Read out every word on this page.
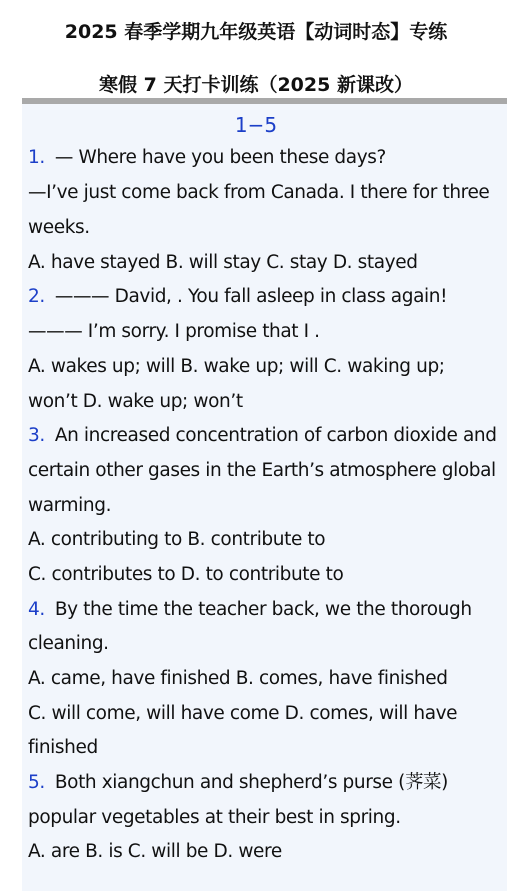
2025 春季学期九年级英语【动词时态】专练
寒假 7 天打卡训练（2025 新课改）
1−5
1. — Where have you been these days?
—I’ve just come back from Canada. I there for three
weeks.
A. have stayed B. will stay C. stay D. stayed
2. ——— David, . You fall asleep in class again!
——— I’m sorry. I promise that I .
A. wakes up; will B. wake up; will C. waking up;
won’t D. wake up; won’t
3. An increased concentration of carbon dioxide and
certain other gases in the Earth’s atmosphere global
warming.
A. contributing to B. contribute to
C. contributes to D. to contribute to
4. By the time the teacher back, we the thorough
cleaning.
A. came, have finished B. comes, have finished
C. will come, will have come D. comes, will have
finished
5. Both xiangchun and shepherd’s purse (荠菜)
popular vegetables at their best in spring.
A. are B. is C. will be D. were
